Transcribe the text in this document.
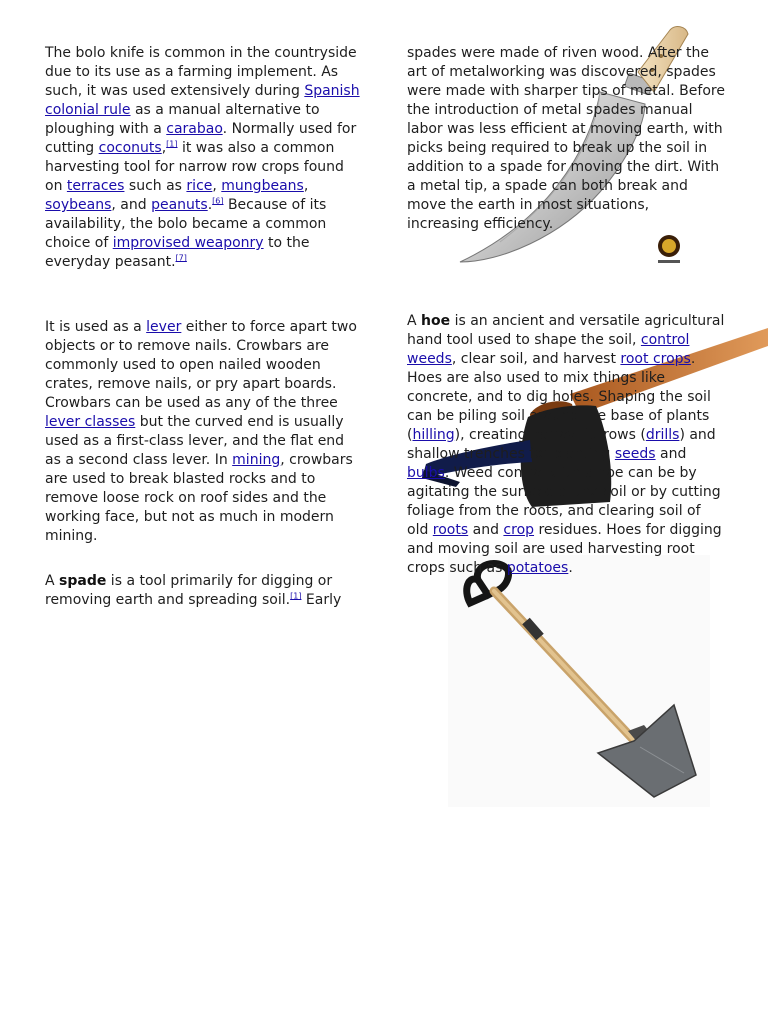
The bolo knife is common in the countryside due to its use as a farming implement. As such, it was used extensively during Spanish colonial rule as a manual alternative to ploughing with a carabao. Normally used for cutting coconuts,[1] it was also a common harvesting tool for narrow row crops found on terraces such as rice, mungbeans, soybeans, and peanuts.[6] Because of its availability, the bolo became a common choice of improvised weaponry to the everyday peasant.[7]
It is used as a lever either to force apart two objects or to remove nails. Crowbars are commonly used to open nailed wooden crates, remove nails, or pry apart boards. Crowbars can be used as any of the three lever classes but the curved end is usually used as a first-class lever, and the flat end as a second class lever. In mining, crowbars are used to break blasted rocks and to remove loose rock on roof sides and the working face, but not as much in modern mining.
A spade is a tool primarily for digging or removing earth and spreading soil.[1] Early
spades were made of riven wood. After the art of metalworking was discovered, spades were made with sharper tips of metal. Before the introduction of metal spades manual labor was less efficient at moving earth, with picks being required to break up the soil in addition to a spade for moving the dirt. With a metal tip, a spade can both break and move the earth in most situations, increasing efficiency.
A hoe is an ancient and versatile agricultural hand tool used to shape the soil, control weeds, clear soil, and harvest root crops. Hoes are also used to mix things like concrete, and to dig holes. Shaping the soil can be piling soil around the base of plants (hilling), creating narrow furrows (drills) and shallow trenches for planting seeds and bulbs. Weed control with a hoe can be by agitating the surface of the soil or by cutting foliage from the roots, and clearing soil of old roots and crop residues. Hoes for digging and moving soil are used harvesting root crops such as potatoes.
